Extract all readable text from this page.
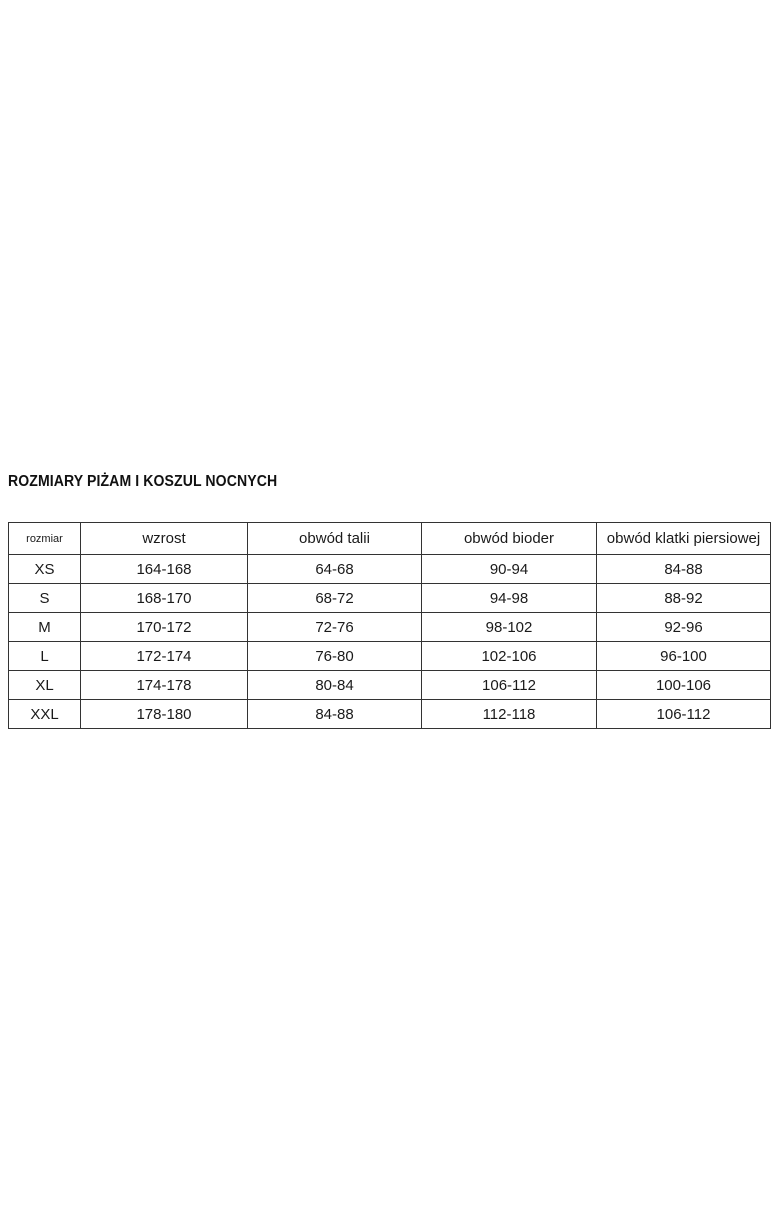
ROZMIARY PIŻAM I KOSZUL NOCNYCH
rozmiar	wzrost	obwód talii	obwód bioder	obwód klatki piersiowej
XS	164-168	64-68	90-94	84-88
S	168-170	68-72	94-98	88-92
M	170-172	72-76	98-102	92-96
L	172-174	76-80	102-106	96-100
XL	174-178	80-84	106-112	100-106
XXL	178-180	84-88	112-118	106-112
